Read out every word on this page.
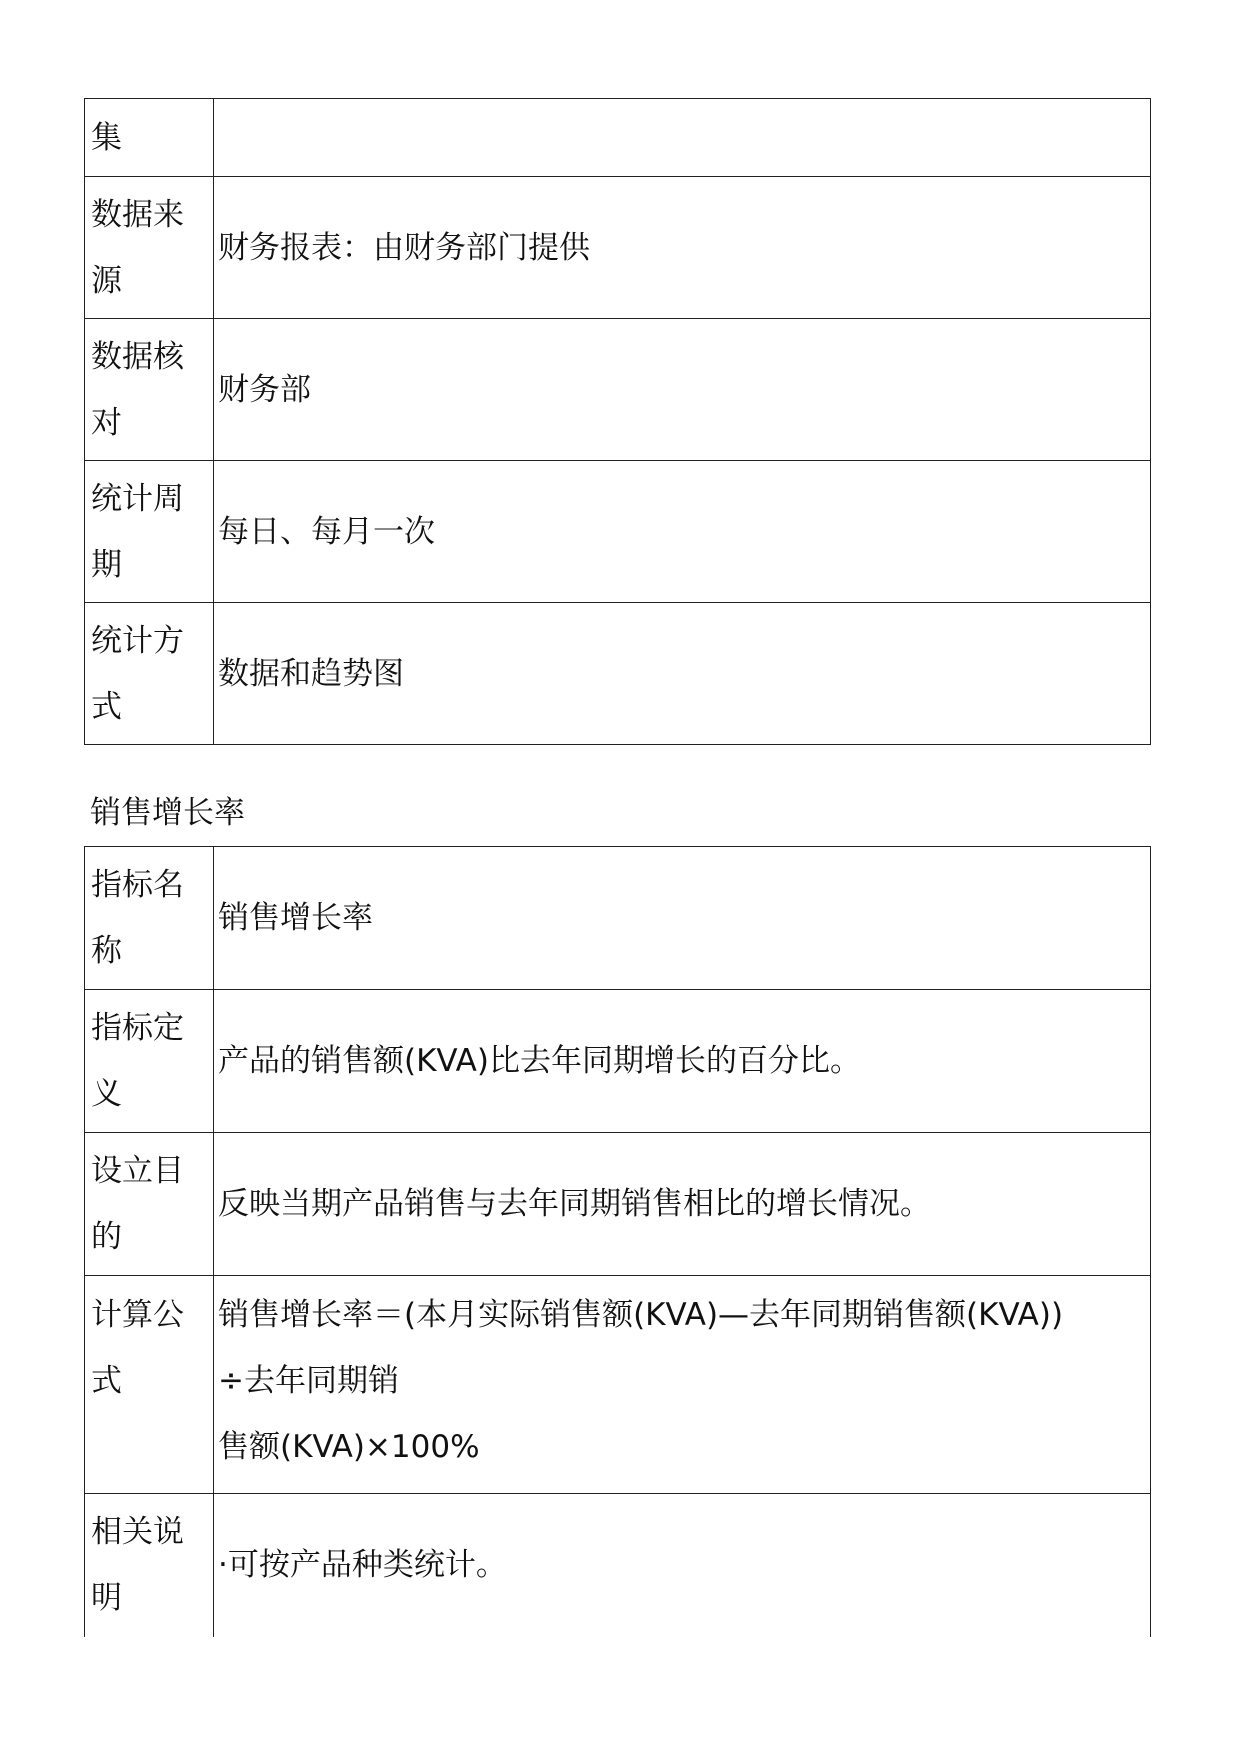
集	
数据来源	财务报表：由财务部门提供
数据核对	财务部
统计周期	每日、每月一次
统计方式	数据和趋势图
销售增长率
指标名称	销售增长率
指标定义	产品的销售额(KVA)比去年同期增长的百分比。
设立目的	反映当期产品销售与去年同期销售相比的增长情况。
计算公式	销售增长率＝(本月实际销售额(KVA)—去年同期销售额(KVA))
÷去年同期销
售额(KVA)×100%

相关说明	·可按产品种类统计。
